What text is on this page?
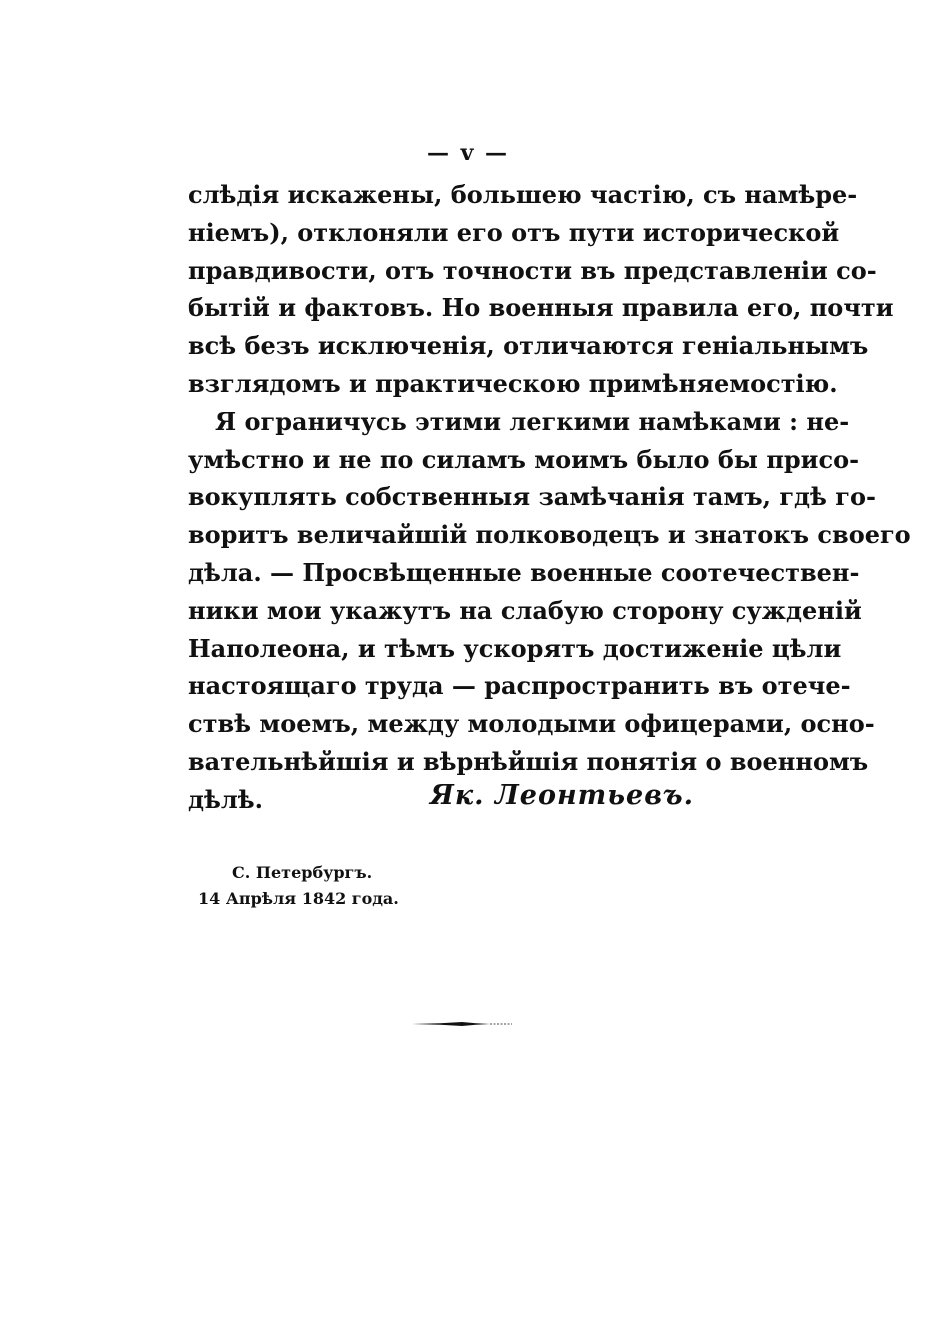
— v —
слѣдія искажены, большею частію, съ намѣре-
ніемъ), отклоняли его отъ пути исторической
правдивости, отъ точности въ представленіи со-
бытій и фактовъ. Но военныя правила его, почти
всѣ безъ исключенія, отличаются геніальнымъ
взглядомъ и практическою примѣняемостію.
Я ограничусь этими легкими намѣками : не-
умѣстно и не по силамъ моимъ было бы присо-
вокуплять собственныя замѣчанія тамъ, гдѣ го-
воритъ величайшій полководецъ и знатокъ своего
дѣла. — Просвѣщенные военные соотечествен-
ники мои укажутъ на слабую сторону сужденій
Наполеона, и тѣмъ ускорятъ достиженіе цѣли
настоящаго труда — распространить въ отече-
ствѣ моемъ, между молодыми офицерами, осно-
вательнѣйшія и вѣрнѣйшія понятія о военномъ
дѣлѣ.	Як. Леонтьевъ.
С. Петербургъ.
14 Апрѣля 1842 года.
